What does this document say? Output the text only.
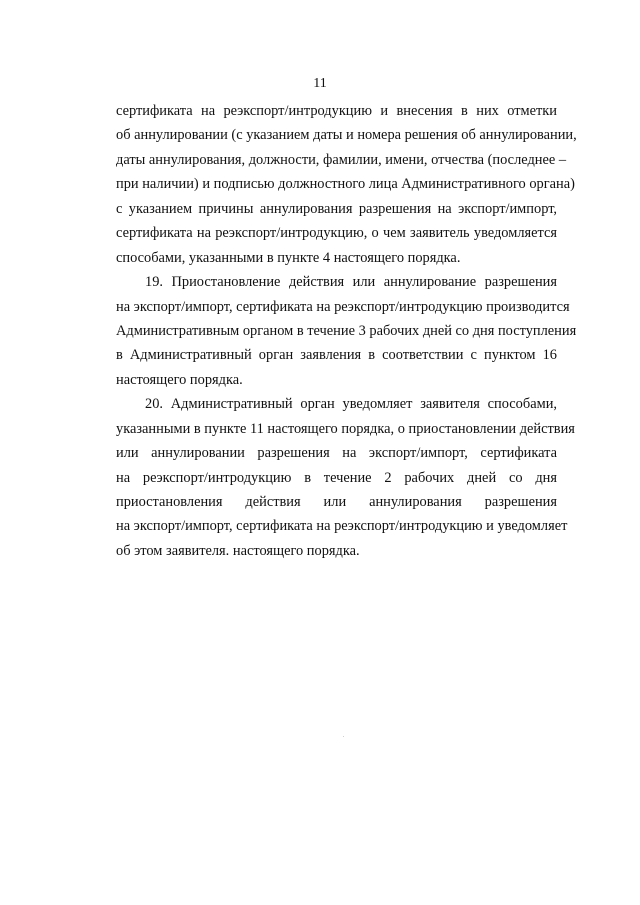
11
сертификата на реэкспорт/интродукцию и внесения в них отметки
об аннулировании (с указанием даты и номера решения об аннулировании,
даты аннулирования, должности, фамилии, имени, отчества (последнее –
при наличии) и подписью должностного лица Административного органа)
с указанием причины аннулирования разрешения на экспорт/импорт,
сертификата на реэкспорт/интродукцию, о чем заявитель уведомляется
способами, указанными в пункте 4 настоящего порядка.
19. Приостановление действия или аннулирование разрешения
на экспорт/импорт, сертификата на реэкспорт/интродукцию производится
Административным органом в течение 3 рабочих дней со дня поступления
в Административный орган заявления в соответствии с пунктом 16
настоящего порядка.
20. Административный орган уведомляет заявителя способами,
указанными в пункте 11 настоящего порядка, о приостановлении действия
или аннулировании разрешения на экспорт/импорт, сертификата
на реэкспорт/интродукцию в течение 2 рабочих дней со дня
приостановления действия или аннулирования разрешения
на экспорт/импорт, сертификата на реэкспорт/интродукцию и уведомляет
об этом заявителя. настоящего порядка.
